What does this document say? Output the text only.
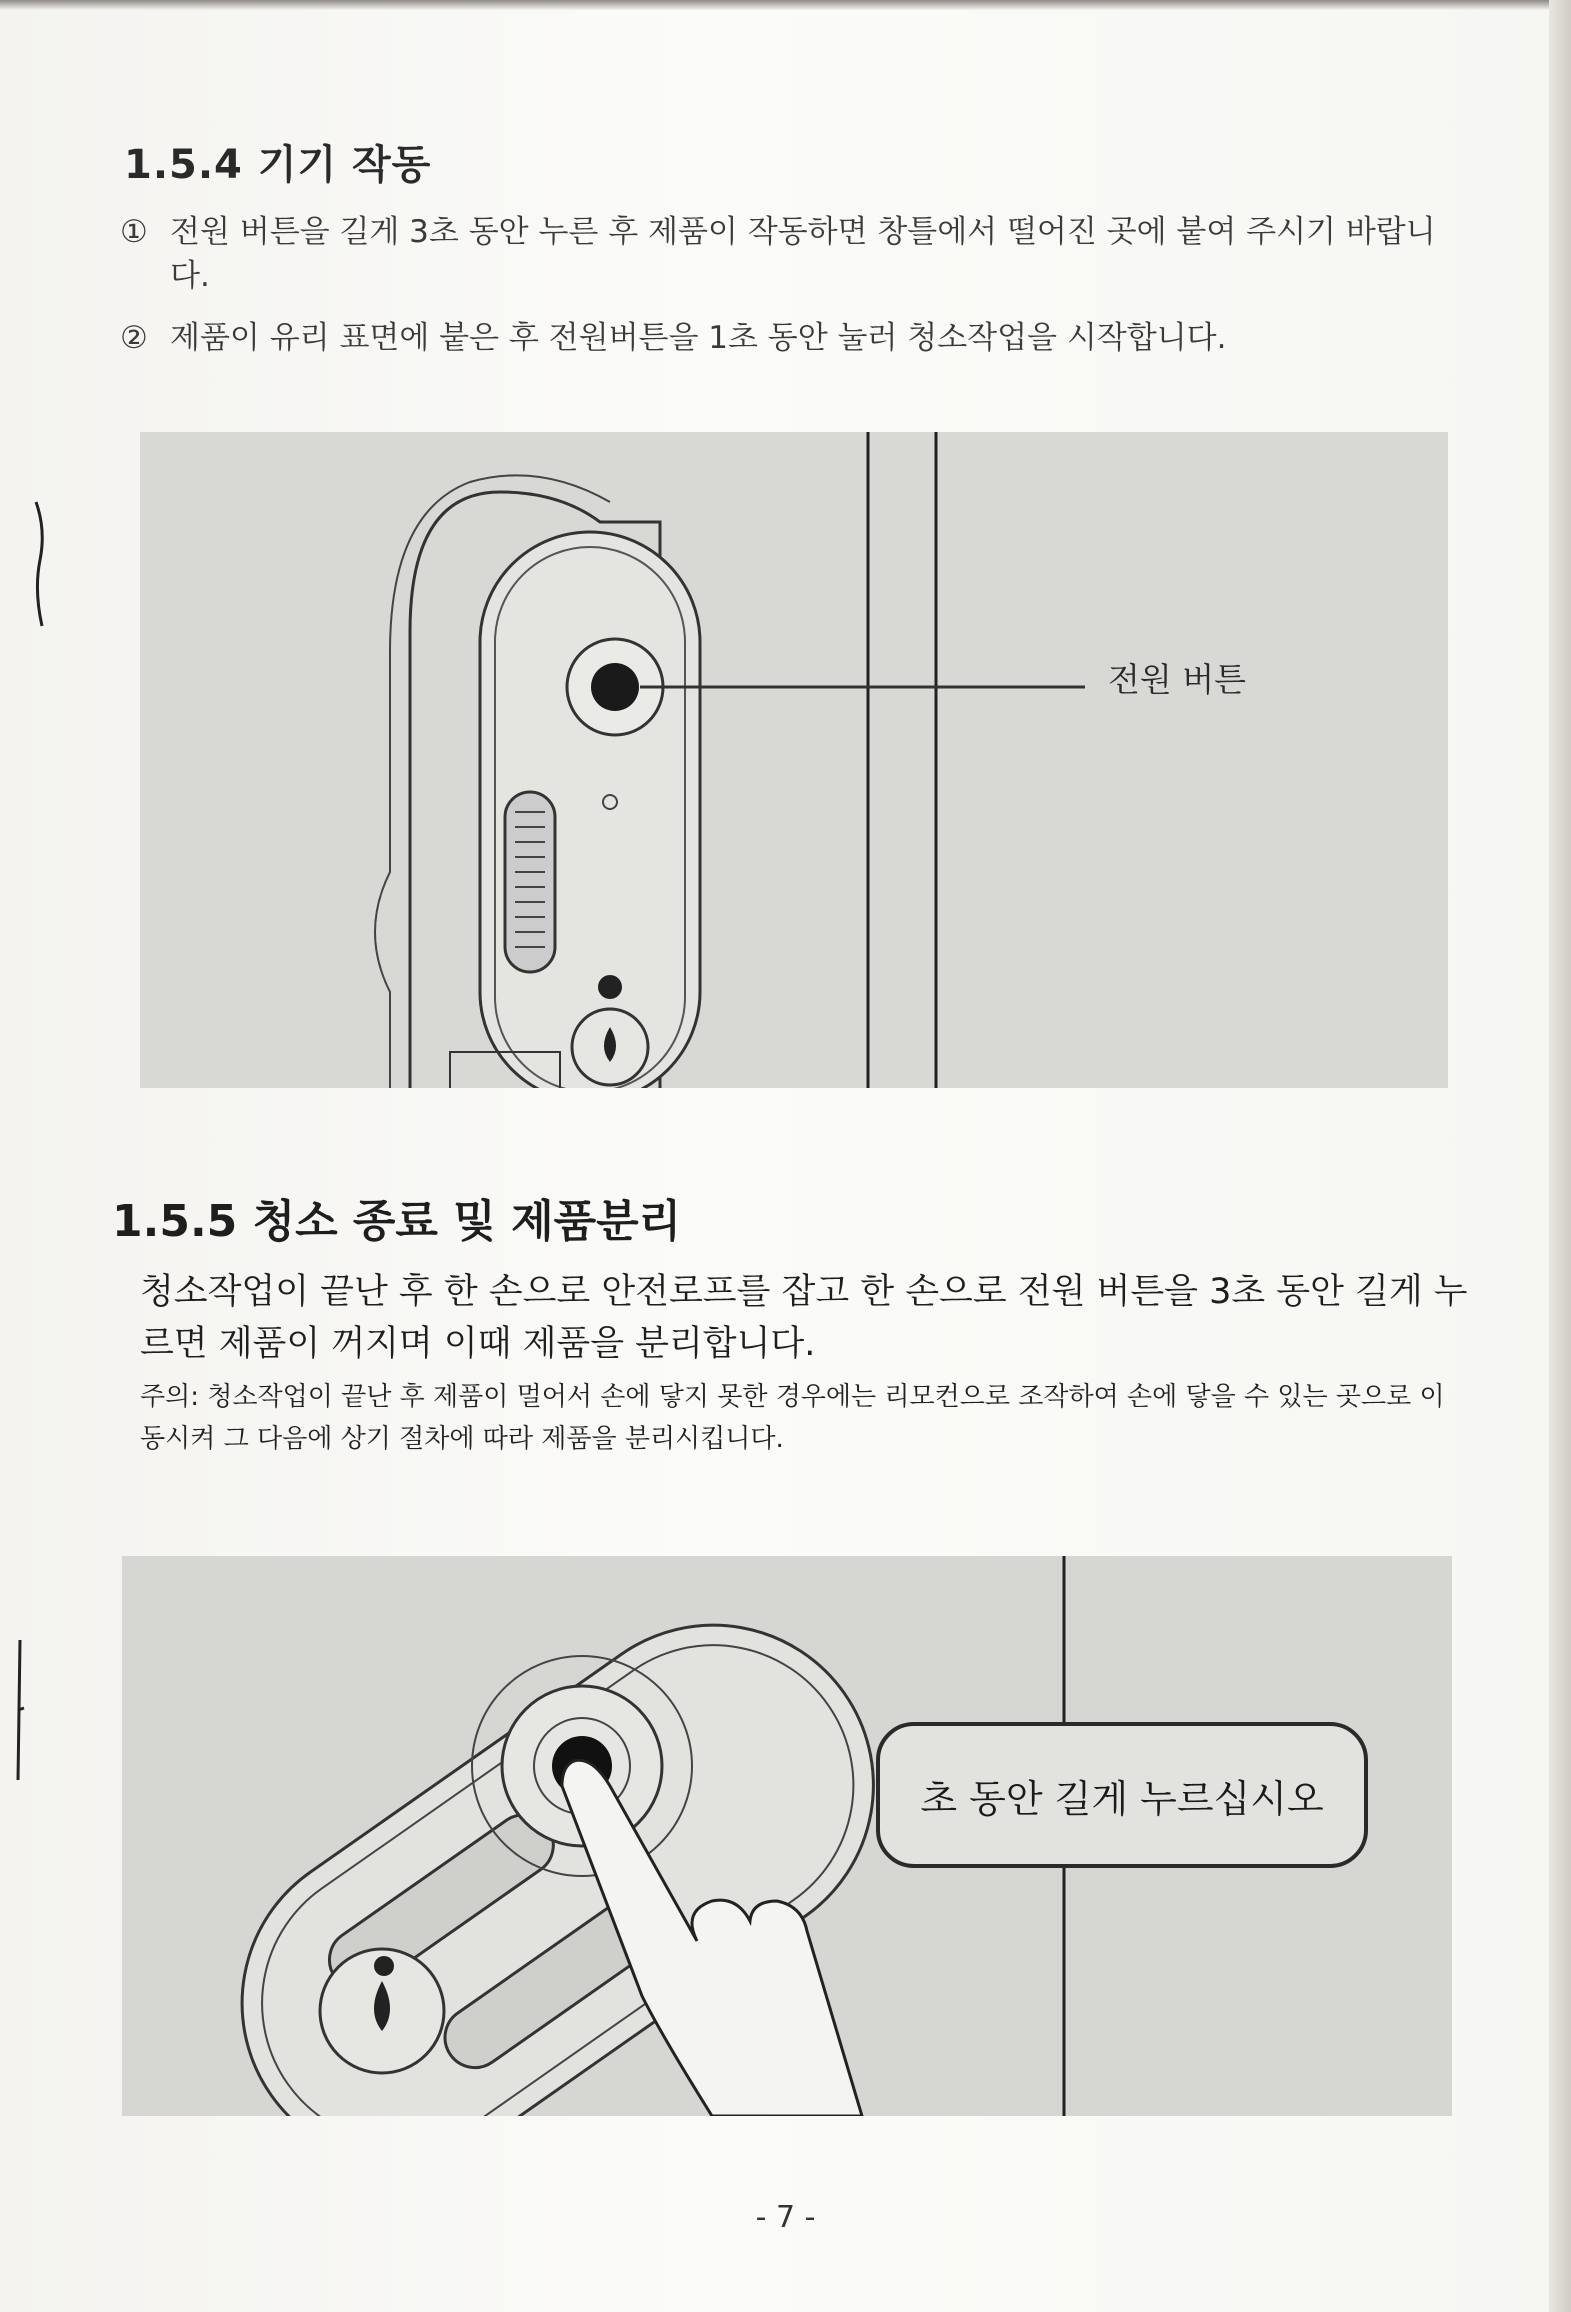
1.5.4 기기 작동
① 전원 버튼을 길게 3초 동안 누른 후 제품이 작동하면 창틀에서 떨어진 곳에 붙여 주시기 바랍니다.
② 제품이 유리 표면에 붙은 후 전원버튼을 1초 동안 눌러 청소작업을 시작합니다.
전원 버튼
1.5.5 청소 종료 및 제품분리
청소작업이 끝난 후 한 손으로 안전로프를 잡고 한 손으로 전원 버튼을 3초 동안 길게 누르면 제품이 꺼지며 이때 제품을 분리합니다.
주의: 청소작업이 끝난 후 제품이 멀어서 손에 닿지 못한 경우에는 리모컨으로 조작하여 손에 닿을 수 있는 곳으로 이동시켜 그 다음에 상기 절차에 따라 제품을 분리시킵니다.
초 동안 길게 누르십시오
- 7 -
